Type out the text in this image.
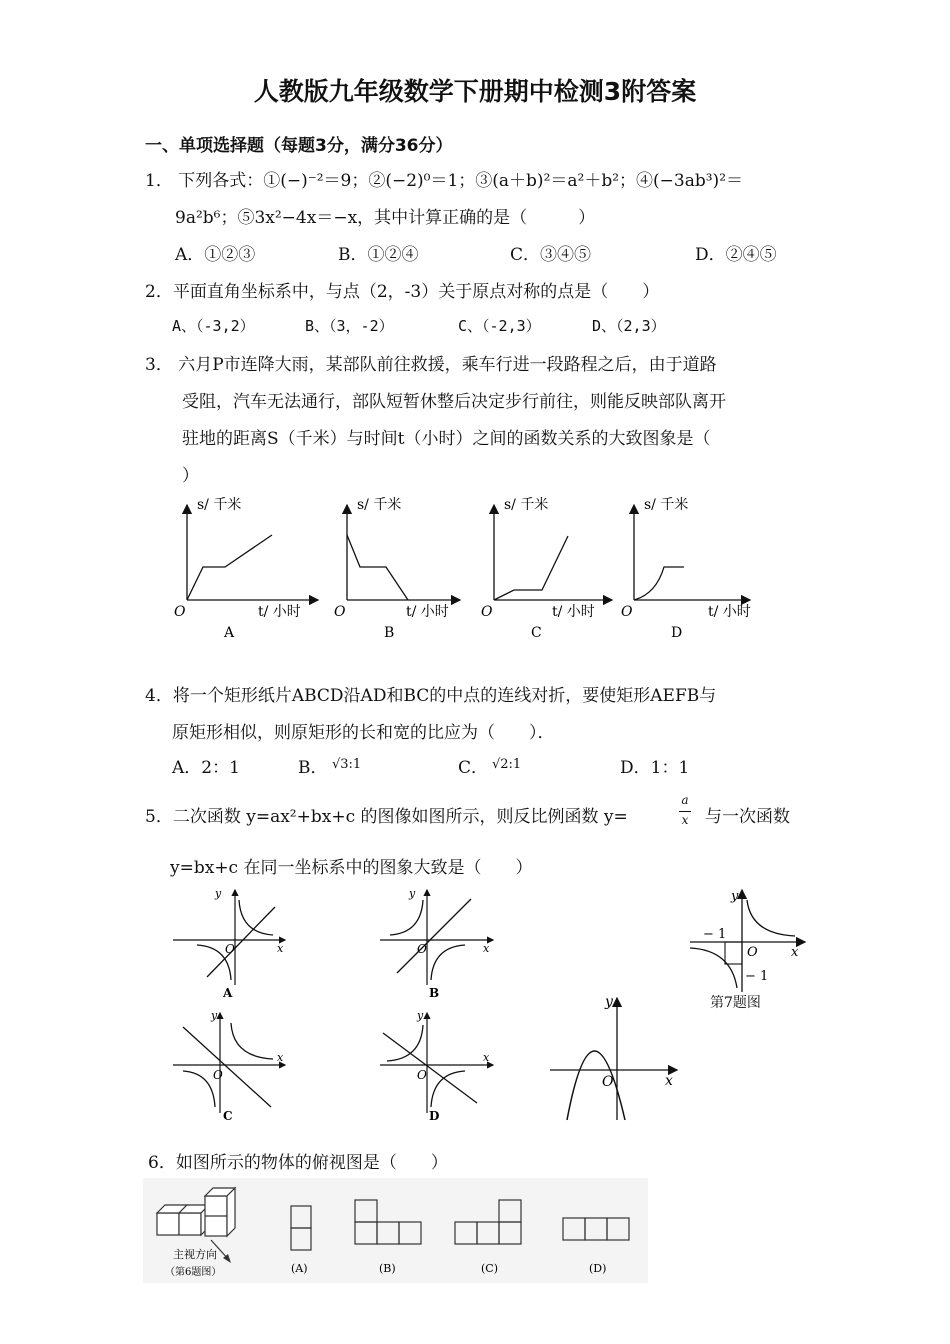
人教版九年级数学下册期中检测3附答案
一、单项选择题（每题3分，满分36分）
1． 下列各式：①(−)⁻²＝9；②(−2)⁰＝1；③(a＋b)²＝a²＋b²；④(−3ab³)²＝
9a²b⁶；⑤3x²−4x＝−x，其中计算正确的是（　　　）
A．①②③	B．①②④	C．③④⑤	D．②④⑤
2．平面直角坐标系中，与点（2，-3）关于原点对称的点是（　　）
A、（-3,2）	B、（3，-2）	C、（-2,3）	D、（2,3）
3． 六月P市连降大雨，某部队前往救援，乘车行进一段路程之后，由于道路
受阻，汽车无法通行，部队短暂休整后决定步行前往，则能反映部队离开
驻地的距离S（千米）与时间t（小时）之间的函数关系的大致图象是（
）
s/ 千米
t/ 小时
O
A
s/ 千米
t/ 小时
O
B
s/ 千米
t/ 小时
O
C
s/ 千米
t/ 小时
O
D
4．将一个矩形纸片ABCD沿AD和BC的中点的连线对折，要使矩形AEFB与
原矩形相似，则原矩形的长和宽的比应为（　　）．
A．2：1	B． √3:1	C． √2:1	D．1：1
5．二次函数 y=ax²+bx+c 的图像如图所示，则反比例函数 y=
a
x 与一次函数
y=bx+c 在同一坐标系中的图象大致是（　　）
y
x
O
A
y
x
O
B
y
x
O
C
y
x
O
D
y
x
O
y
x
O
− 1
− 1
第7题图
6．如图所示的物体的俯视图是（　　）
主视方向
（第6题图）	(A)	(B)	(C)	(D)
